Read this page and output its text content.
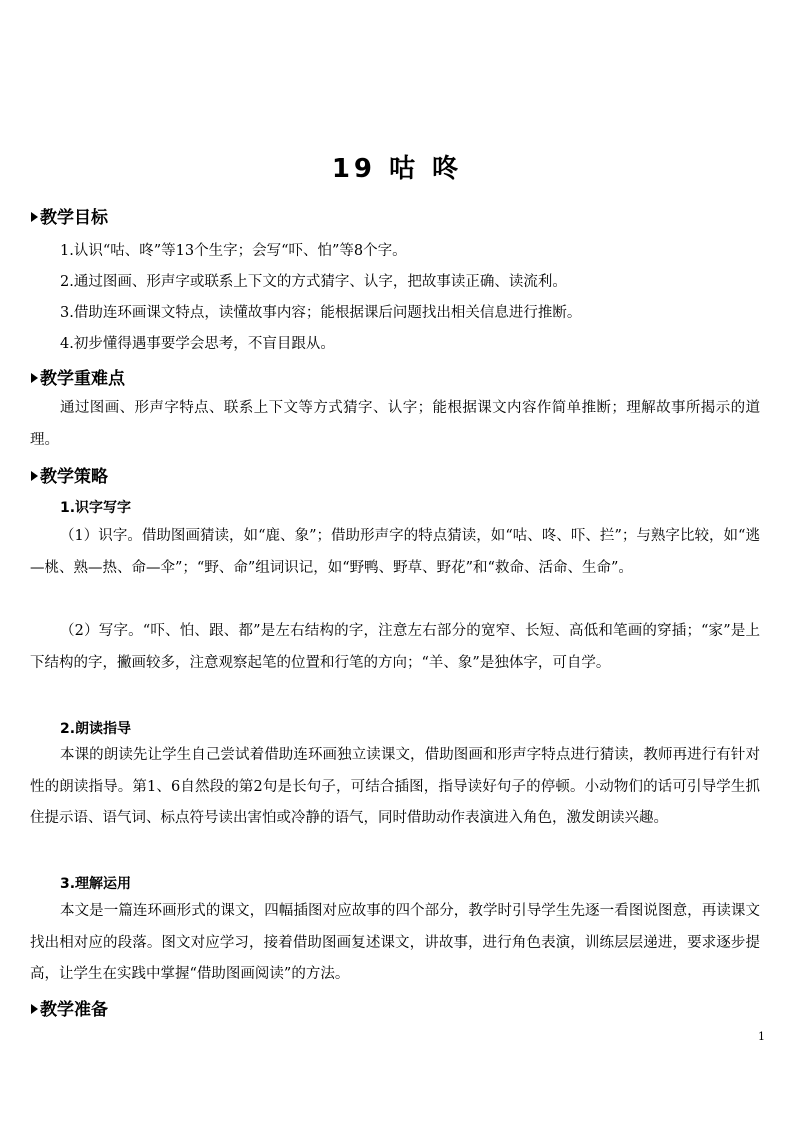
19 咕 咚
教学目标
1.认识“咕、咚”等13个生字；会写“吓、怕”等8个字。
2.通过图画、形声字或联系上下文的方式猜字、认字，把故事读正确、读流利。
3.借助连环画课文特点，读懂故事内容；能根据课后问题找出相关信息进行推断。
4.初步懂得遇事要学会思考，不盲目跟从。
教学重难点

通过图画、形声字特点、联系上下文等方式猜字、认字；能根据课文内容作简单推断；理解故事所揭示的道理。

教学策略
1.识字写字

（1）识字。借助图画猜读，如“鹿、象”；借助形声字的特点猜读，如“咕、咚、吓、拦”；与熟字比较，如“逃—桃、熟—热、命—伞”；“野、命”组词识记，如“野鸭、野草、野花”和“救命、活命、生命”。

（2）写字。“吓、怕、跟、都”是左右结构的字，注意左右部分的宽窄、长短、高低和笔画的穿插；“家”是上下结构的字，撇画较多，注意观察起笔的位置和行笔的方向；“羊、象”是独体字，可自学。

2.朗读指导

本课的朗读先让学生自己尝试着借助连环画独立读课文，借助图画和形声字特点进行猜读，教师再进行有针对性的朗读指导。第1、6自然段的第2句是长句子，可结合插图，指导读好句子的停顿。小动物们的话可引导学生抓住提示语、语气词、标点符号读出害怕或冷静的语气，同时借助动作表演进入角色，激发朗读兴趣。

3.理解运用

本文是一篇连环画形式的课文，四幅插图对应故事的四个部分，教学时引导学生先逐一看图说图意，再读课文找出相对应的段落。图文对应学习，接着借助图画复述课文，讲故事，进行角色表演，训练层层递进，要求逐步提高，让学生在实践中掌握“借助图画阅读”的方法。

教学准备
1
